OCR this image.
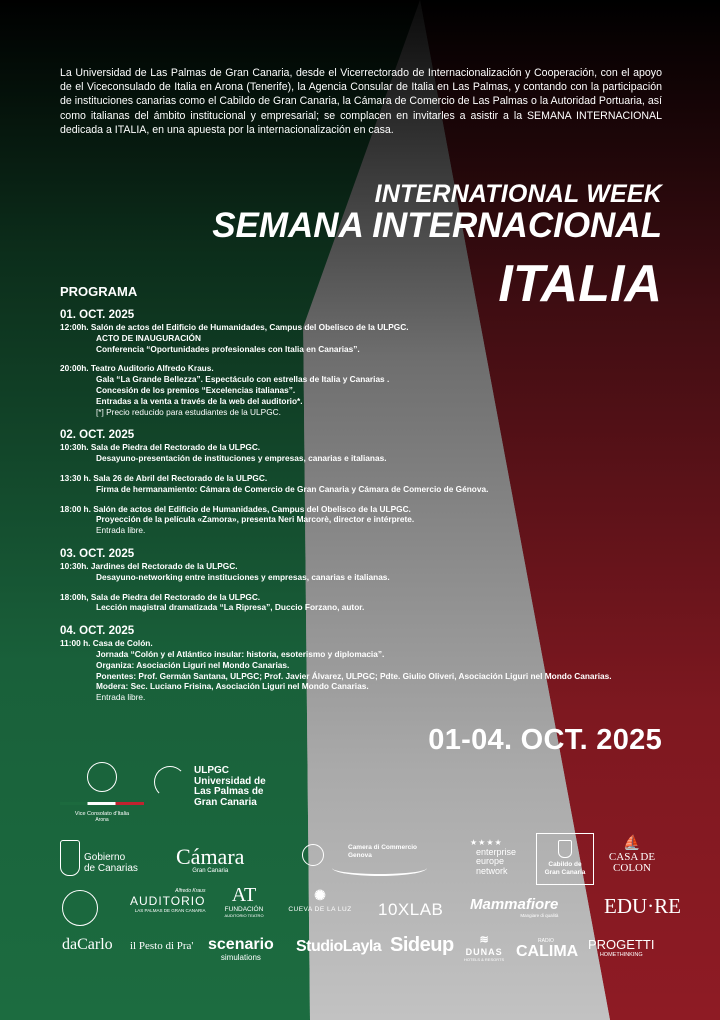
La Universidad de Las Palmas de Gran Canaria, desde el Vicerrectorado de Internacionalización y Cooperación, con el apoyo de el Viceconsulado de Italia en Arona (Tenerife), la Agencia Consular de Italia en Las Palmas, y contando con la participación de instituciones canarias como el Cabildo de Gran Canaria, la Cámara de Comercio de Las Palmas o la Autoridad Portuaria, así como italianas del ámbito institucional y empresarial; se complacen en invitarles a asistir a la SEMANA INTERNACIONAL dedicada a ITALIA, en una apuesta por la internacionalización en casa.
INTERNATIONAL WEEK
SEMANA INTERNACIONAL
ITALIA
PROGRAMA
01. OCT. 2025
12:00h. Salón de actos del Edificio de Humanidades, Campus del Obelisco de la ULPGC.
ACTO DE INAUGURACIÓN
Conferencia “Oportunidades profesionales con Italia en Canarias”.
20:00h. Teatro Auditorio Alfredo Kraus.
Gala “La Grande Bellezza”. Espectáculo con estrellas de Italia y Canarias .
Concesión de los premios “Excelencias italianas”.
Entradas a la venta a través de la web del auditorio*.
[*] Precio reducido para estudiantes de la ULPGC.
02. OCT. 2025
10:30h. Sala de Piedra del Rectorado de la ULPGC.
Desayuno-presentación de instituciones y empresas, canarias e italianas.
13:30 h. Sala 26 de Abril del Rectorado de la ULPGC.
Firma de hermanamiento: Cámara de Comercio de Gran Canaria y Cámara de Comercio de Génova.
18:00 h. Salón de actos del Edificio de Humanidades, Campus del Obelisco de la ULPGC.
Proyección de la película «Zamora», presenta Neri Marcorè, director e intérprete.
Entrada libre.
03. OCT. 2025
10:30h. Jardines del Rectorado de la ULPGC.
Desayuno-networking entre instituciones y empresas, canarias e italianas.
18:00h, Sala de Piedra del Rectorado de la ULPGC.
Lección magistral dramatizada “La Ripresa”, Duccio Forzano, autor.
04. OCT. 2025
11:00 h. Casa de Colón.
Jornada “Colón y el Atlántico insular: historia, esoterismo y diplomacia”.
Organiza: Asociación Liguri nel Mondo Canarias.
Ponentes: Prof. Germán Santana, ULPGC; Prof. Javier Álvarez, ULPGC; Pdte. Giulio Oliveri, Asociación Liguri nel Mondo Canarias.
Modera: Sec. Luciano Frisina, Asociación Liguri nel Mondo Canarias.
Entrada libre.
01-04. OCT. 2025
Vice Consolato d'Italia
Arona
ULPGC
Universidad de
Las Palmas de
Gran Canaria
Gobierno
de Canarias Cámara
Gran Canaria
Camera di Commercio
Genova
★★★★
enterprise
europe
network
Cabildo de
Gran Canaria
⛵
CASA DE
COLON
Alfredo Kraus
AUDITORIO
LAS PALMAS DE GRAN CANARIA
AT
FUNDACIÓN
AUDITORIO TEATRO
✺
CUEVA DE LA LUZ	10XLAB Mammafiore
Mangiare di qualità EDU·RE
daCarlo il Pesto di Pra' scenario
simulations
StudioLayla Sideup	≋
DUNAS
HOTELS & RESORTS
RADIO
CALIMA PROGETTI
HOMETHINKING
